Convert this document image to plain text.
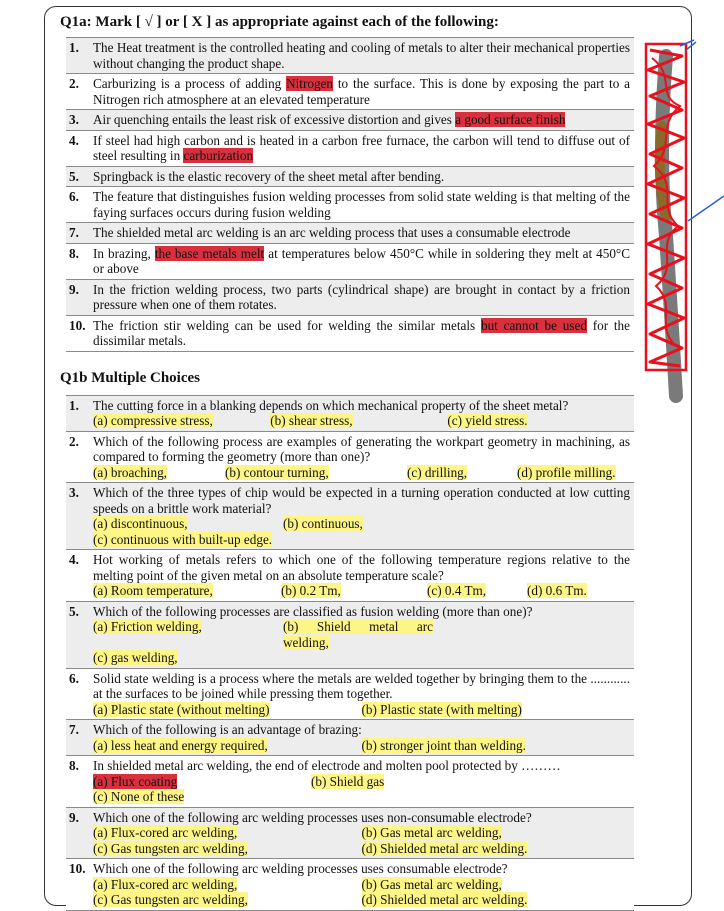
Q1a: Mark [ √ ] or [ X ] as appropriate against each of the following:
1.	The Heat treatment is the controlled heating and cooling of metals to alter their mechanical properties without changing the product shape.
2.	Carburizing is a process of adding Nitrogen to the surface. This is done by exposing the part to a Nitrogen rich atmosphere at an elevated temperature
3.	Air quenching entails the least risk of excessive distortion and gives a good surface finish
4.	If steel had high carbon and is heated in a carbon free furnace, the carbon will tend to diffuse out of steel resulting in carburization
5.	Springback is the elastic recovery of the sheet metal after bending.
6.	The feature that distinguishes fusion welding processes from solid state welding is that melting of the faying surfaces occurs during fusion welding
7.	The shielded metal arc welding is an arc welding process that uses a consumable electrode
8.	In brazing, the base metals melt at temperatures below 450°C while in soldering they melt at 450°C or above
9.	In the friction welding process, two parts (cylindrical shape) are brought in contact by a friction pressure when one of them rotates.
10.	The friction stir welding can be used for welding the similar metals but cannot be used for the dissimilar metals.
Q1b Multiple Choices
1.	The cutting force in a blanking depends on which mechanical property of the sheet metal?
(a) compressive stress, (b) shear stress, (c) yield stress.

2.	Which of the following process are examples of generating the workpart geometry in machining, as compared to forming the geometry (more than one)?
(a) broaching, (b) contour turning, (c) drilling, (d) profile milling.

3.	Which of the three types of chip would be expected in a turning operation conducted at low cutting speeds on a brittle work material?
(a) discontinuous, (b) continuous,
(c) continuous with built-up edge.

4.	Hot working of metals refers to which one of the following temperature regions relative to the melting point of the given metal on an absolute temperature scale?
(a) Room temperature, (b) 0.2 Tm, (c) 0.4 Tm, (d) 0.6 Tm.

5.	Which of the following processes are classified as fusion welding (more than one)?
(a) Friction welding, (b) Shield metal arc welding,
(c) gas welding,

6.	Solid state welding is a process where the metals are welded together by bringing them to the ............ at the surfaces to be joined while pressing them together.
(a) Plastic state (without melting) (b) Plastic state (with melting)

7.	Which of the following is an advantage of brazing:
(a) less heat and energy required, (b) stronger joint than welding.

8.	In shielded metal arc welding, the end of electrode and molten pool protected by ………
(a) Flux coating (b) Shield gas
(c) None of these

9.	Which one of the following arc welding processes uses non-consumable electrode?
(a) Flux-cored arc welding, (b) Gas metal arc welding,
(c) Gas tungsten arc welding, (d) Shielded metal arc welding.

10.	Which one of the following arc welding processes uses consumable electrode?
(a) Flux-cored arc welding, (b) Gas metal arc welding,
(c) Gas tungsten arc welding, (d) Shielded metal arc welding.
